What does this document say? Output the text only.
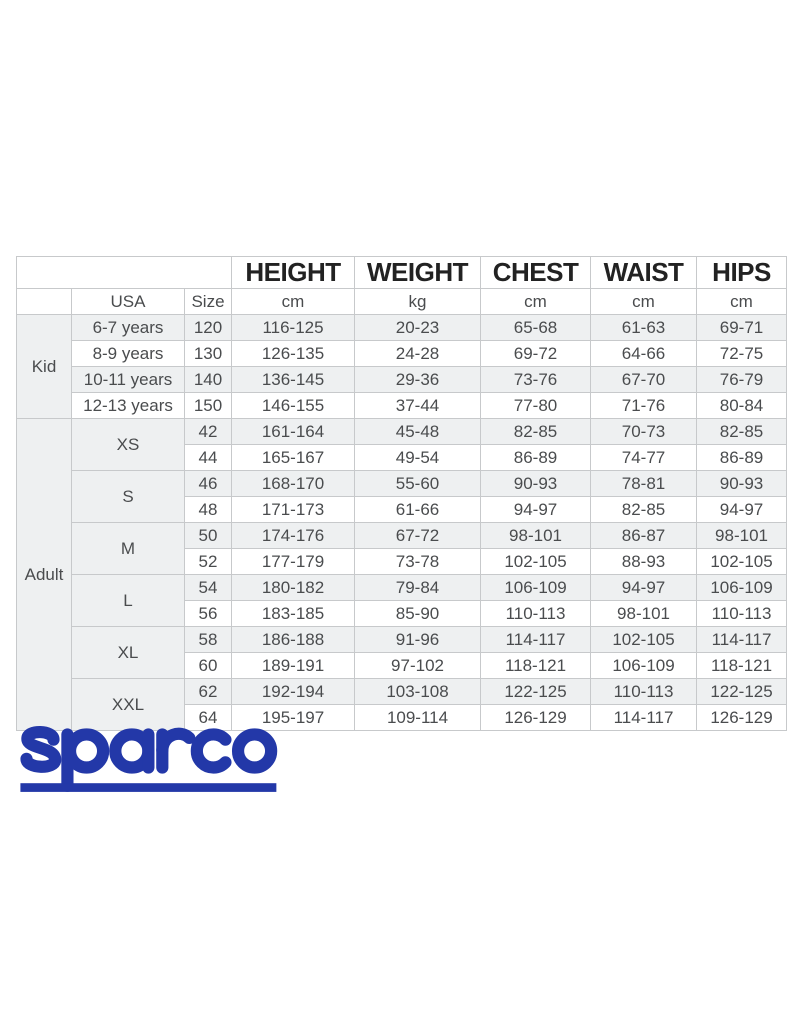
			HEIGHT	WEIGHT	CHEST	WAIST	HIPS
	USA	Size	cm	kg	cm	cm	cm
Kid	6-7 years	120	116-125	20-23	65-68	61-63	69-71
	8-9 years	130	126-135	24-28	69-72	64-66	72-75
	10-11 years	140	136-145	29-36	73-76	67-70	76-79
	12-13 years	150	146-155	37-44	77-80	71-76	80-84
Adult	XS	42	161-164	45-48	82-85	70-73	82-85
		44	165-167	49-54	86-89	74-77	86-89
	S	46	168-170	55-60	90-93	78-81	90-93
		48	171-173	61-66	94-97	82-85	94-97
	M	50	174-176	67-72	98-101	86-87	98-101
		52	177-179	73-78	102-105	88-93	102-105
	L	54	180-182	79-84	106-109	94-97	106-109
		56	183-185	85-90	110-113	98-101	110-113
	XL	58	186-188	91-96	114-117	102-105	114-117
		60	189-191	97-102	118-121	106-109	118-121
	XXL	62	192-194	103-108	122-125	110-113	122-125
		64	195-197	109-114	126-129	114-117	126-129
